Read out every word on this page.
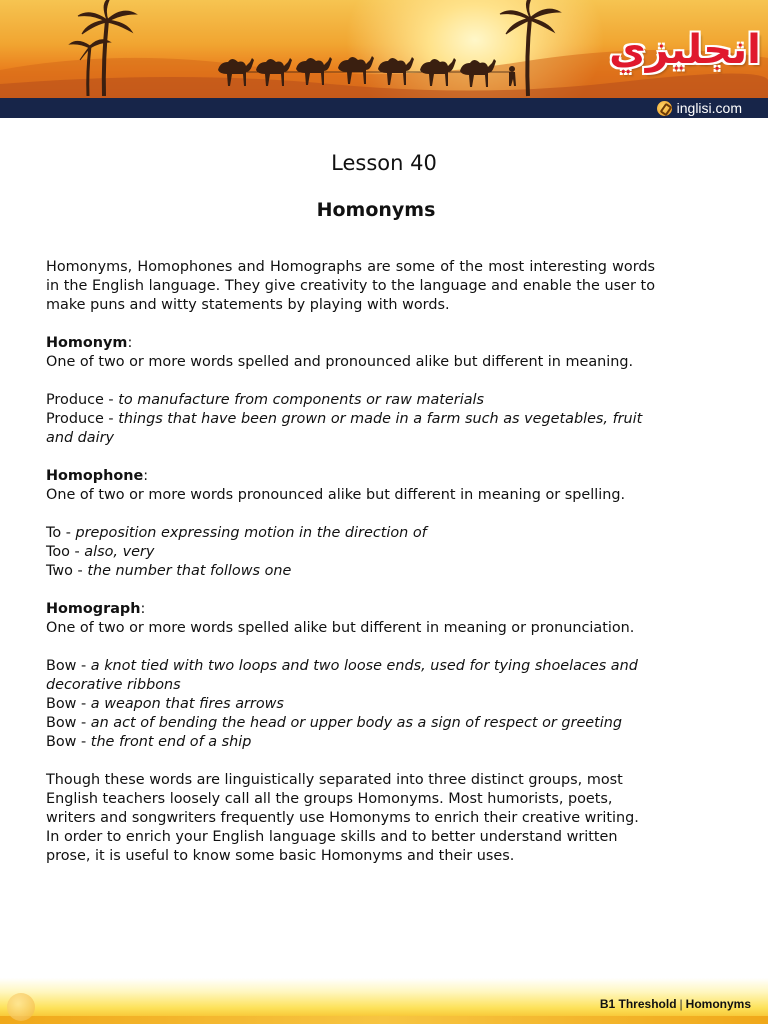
انجليزي
inglisi.com
Lesson 40
Homonyms

Homonyms, Homophones and Homographs are some of the most interesting words in the English language. They give creativity to the language and enable the user to make puns and witty statements by playing with words.

Homonym:

One of two or more words spelled and pronounced alike but different in meaning.

Produce - to manufacture from components or raw materials

Produce - things that have been grown or made in a farm such as vegetables, fruit and dairy

Homophone:

One of two or more words pronounced alike but different in meaning or spelling.

To - preposition expressing motion in the direction of

Too - also, very

Two - the number that follows one

Homograph:

One of two or more words spelled alike but different in meaning or pronunciation.

Bow - a knot tied with two loops and two loose ends, used for tying shoelaces and decorative ribbons

Bow - a weapon that fires arrows

Bow - an act of bending the head or upper body as a sign of respect or greeting

Bow - the front end of a ship

Though these words are linguistically separated into three distinct groups, most English teachers loosely call all the groups Homonyms. Most humorists, poets, writers and songwriters frequently use Homonyms to enrich their creative writing. In order to enrich your English language skills and to better understand written prose, it is useful to know some basic Homonyms and their uses.

B1 Threshold | Homonyms
